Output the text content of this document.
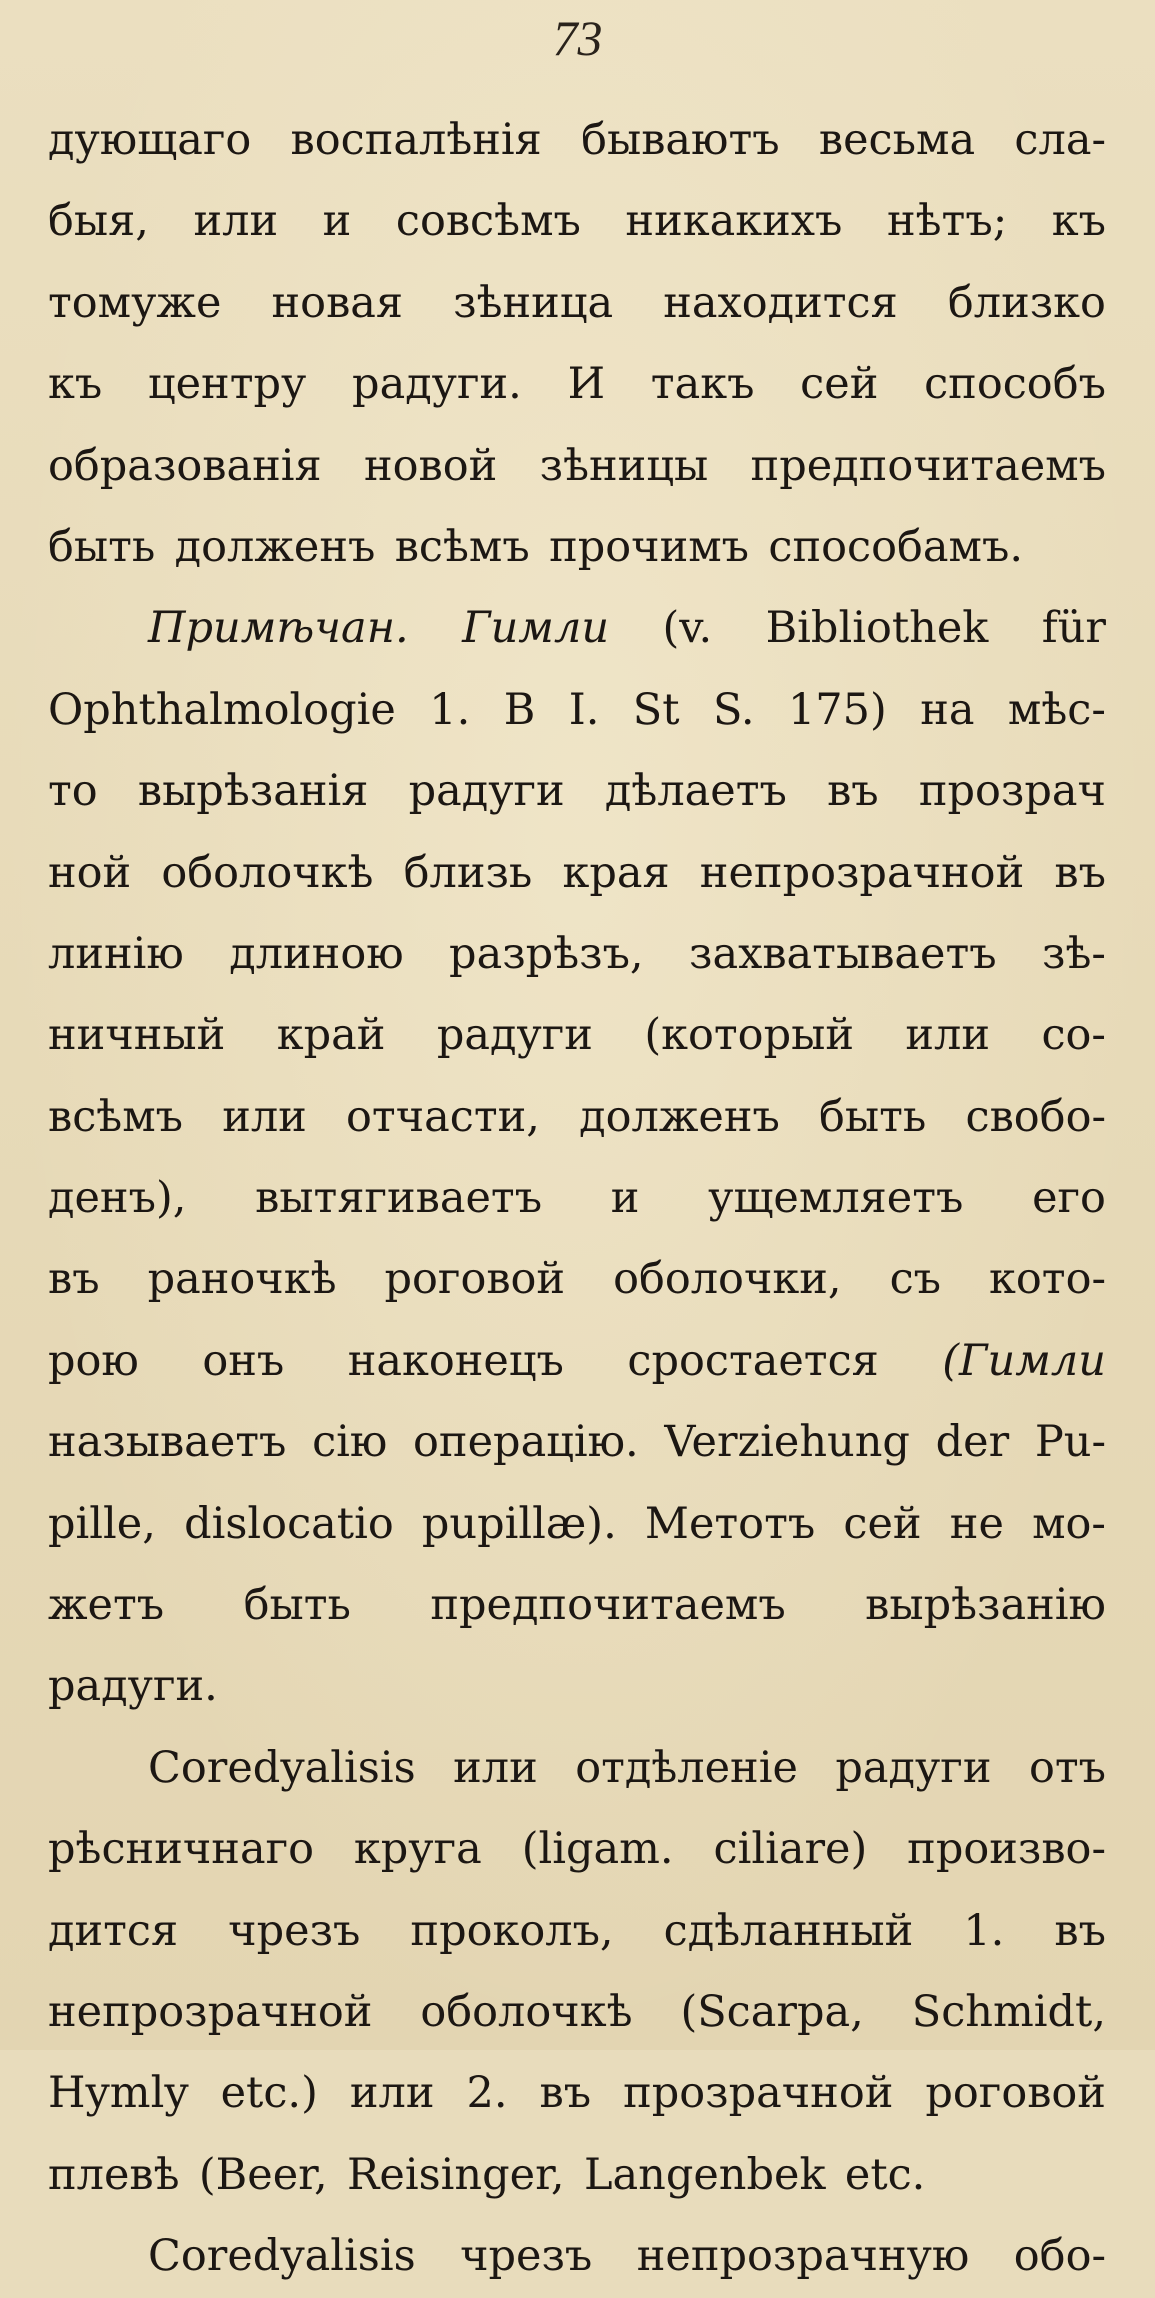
73
дующаго воспалѣнія бываютъ весьма сла-
быя, или и совсѣмъ никакихъ нѣтъ; къ
томуже новая зѣница находится близко
къ центру радуги. И такъ сей способъ
образованія новой зѣницы предпочитаемъ
быть долженъ всѣмъ прочимъ способамъ.
Примѣчан. Гимли (v. Bibliothek für
Ophthalmologie 1. B I. St S. 175) на мѣс-
то вырѣзанія радуги дѣлаетъ въ прозрач
ной оболочкѣ близь края непрозрачной въ
линію длиною разрѣзъ, захватываетъ зѣ-
ничный край радуги (который или со-
всѣмъ или отчасти, долженъ быть свобо-
денъ), вытягиваетъ и ущемляетъ его
въ раночкѣ роговой оболочки, съ кото-
рою онъ наконецъ сростается (Гимли
называетъ сію операцію. Verziehung der Pu-
pille, dislocatio pupillæ). Метотъ сей не мо-
жетъ быть предпочитаемъ вырѣзанію
радуги.
Coredyalisis или отдѣленіе радуги отъ
рѣсничнаго круга (ligam. ciliare) произво-
дится чрезъ проколъ, сдѣланный 1. въ
непрозрачной оболочкѣ (Scarpa, Schmidt,
Hymly etc.) или 2. въ прозрачной роговой
плевѣ (Beer, Reisinger, Langenbek etc.
Coredyalisis чрезъ непрозрачную обо-
